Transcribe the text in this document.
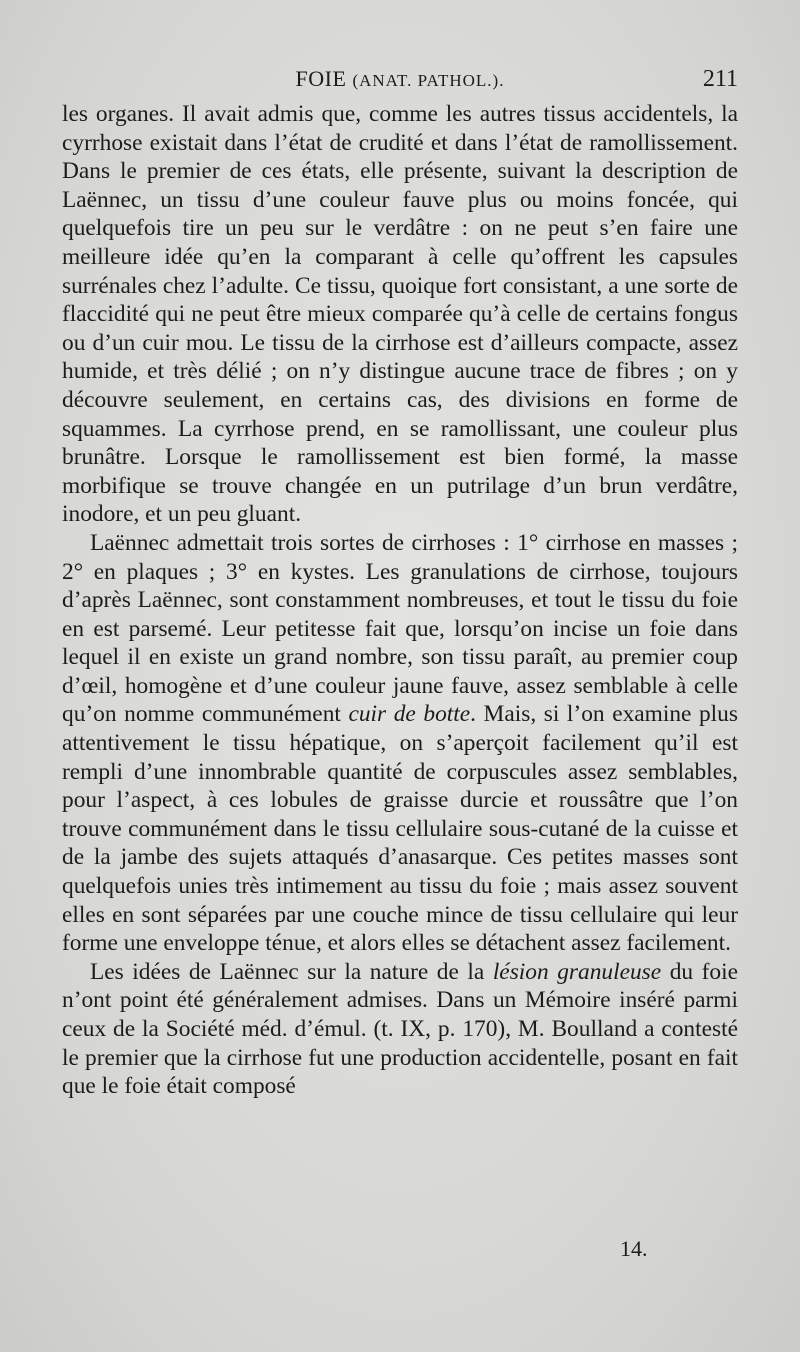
FOIE (ANAT. PATHOL.).	211

les organes. Il avait admis que, comme les autres tissus accidentels, la cyrrhose existait dans l’état de crudité et dans l’état de ramollissement. Dans le premier de ces états, elle présente, suivant la description de Laënnec, un tissu d’une couleur fauve plus ou moins foncée, qui quelquefois tire un peu sur le verdâtre : on ne peut s’en faire une meilleure idée qu’en la comparant à celle qu’offrent les capsules surrénales chez l’adulte. Ce tissu, quoique fort consistant, a une sorte de flaccidité qui ne peut être mieux comparée qu’à celle de certains fongus ou d’un cuir mou. Le tissu de la cirrhose est d’ailleurs compacte, assez humide, et très délié ; on n’y distingue aucune trace de fibres ; on y découvre seulement, en certains cas, des divisions en forme de squammes. La cyrrhose prend, en se ramollissant, une couleur plus brunâtre. Lorsque le ramollissement est bien formé, la masse morbifique se trouve changée en un putrilage d’un brun verdâtre, inodore, et un peu gluant.

Laënnec admettait trois sortes de cirrhoses : 1° cirrhose en masses ; 2° en plaques ; 3° en kystes. Les granulations de cirrhose, toujours d’après Laënnec, sont constamment nombreuses, et tout le tissu du foie en est parsemé. Leur petitesse fait que, lorsqu’on incise un foie dans lequel il en existe un grand nombre, son tissu paraît, au premier coup d’œil, homogène et d’une couleur jaune fauve, assez semblable à celle qu’on nomme communément cuir de botte. Mais, si l’on examine plus attentivement le tissu hépatique, on s’aperçoit facilement qu’il est rempli d’une innombrable quantité de corpuscules assez semblables, pour l’aspect, à ces lobules de graisse durcie et roussâtre que l’on trouve communément dans le tissu cellulaire sous-cutané de la cuisse et de la jambe des sujets attaqués d’anasarque. Ces petites masses sont quelquefois unies très intimement au tissu du foie ; mais assez souvent elles en sont séparées par une couche mince de tissu cellulaire qui leur forme une enveloppe ténue, et alors elles se détachent assez facilement.

Les idées de Laënnec sur la nature de la lésion granuleuse du foie n’ont point été généralement admises. Dans un Mémoire inséré parmi ceux de la Société méd. d’émul. (t. IX, p. 170), M. Boulland a contesté le premier que la cirrhose fut une production accidentelle, posant en fait que le foie était composé

14.
